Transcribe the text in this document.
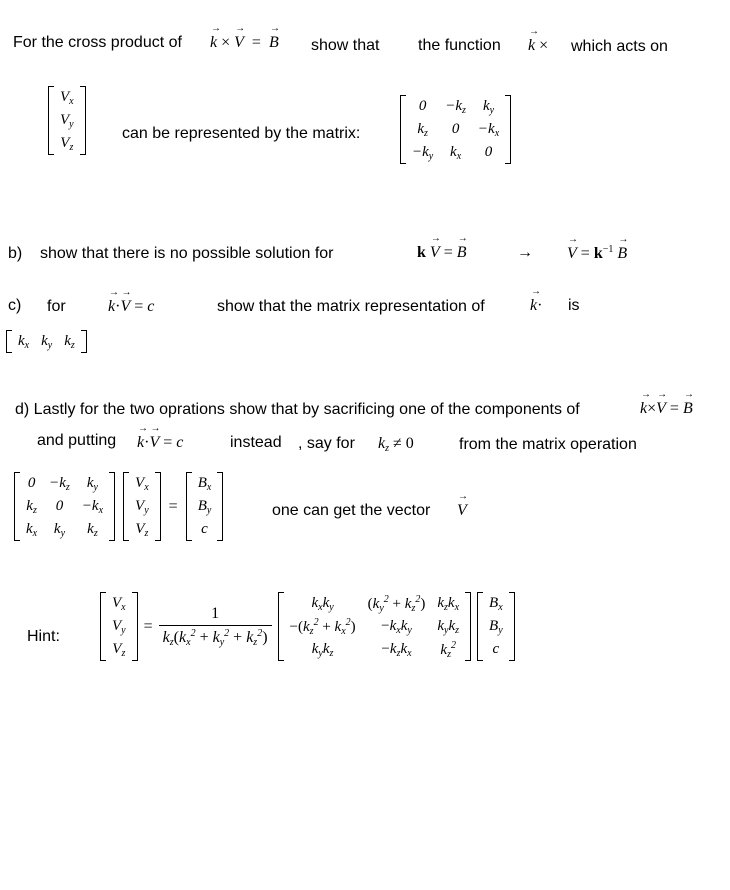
For the cross product of → k × → V = → B show that the function → k × which acts on
$V_x$
$V_y$
$V_z$
can be represented by the matrix:
0	$-k_z$	$k_y$
$k_z$	0	$-k_x$
$-k_y$	$k_x$	0
b) show that there is no possible solution for	k → V = → B	→ → $V = k^{-1} \to B$
c) for	→ k·→ V = c	show that the matrix representation of	→ k· is
$k_x$	$k_y$	$k_z$
d) Lastly for the two oprations show that by sacrificing one of the components of	→ k×→ V = → B
and putting → k·→ V = c	instead , say for $k_z \ne 0$	from the matrix operation
0	$-k_z$	$k_y$
$k_z$	0	$-k_x$
$k_x$	$k_y$	$k_z$
$V_x$
$V_y$
$V_z$
=
$B_x$
$B_y$
c
one can get the vector → V
Hint:
$V_x$
$V_y$
$V_z$
= $\frac{1}{k_z(k_x^2 + k_y^2 + k_z^2)}$
$k_xk_y$	$(k_y^2 + k_z^2)$	$k_zk_x$
$-(k_z^2 + k_x^2)$	$-k_xk_y$	$k_yk_z$
$k_yk_z$	$-k_zk_x$	$k_z^2$
$B_x$
$B_y$
c
